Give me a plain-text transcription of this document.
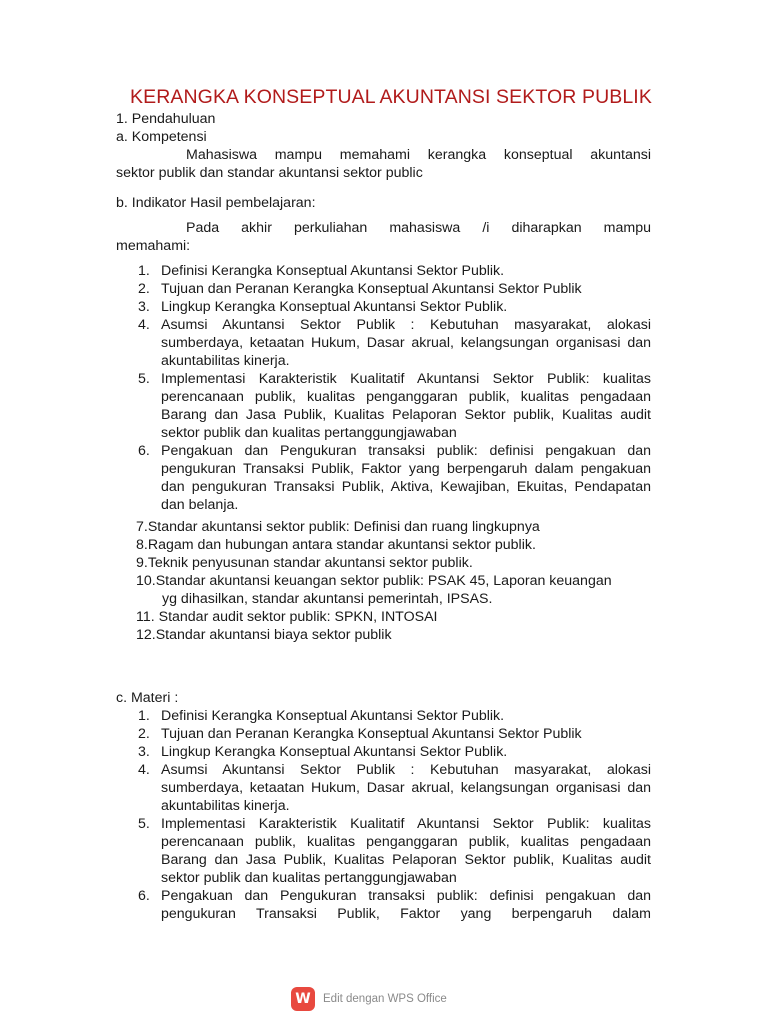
KERANGKA KONSEPTUAL AKUNTANSI SEKTOR PUBLIK
1. Pendahuluan
a. Kompetensi
Mahasiswa mampu memahami kerangka konseptual akuntansi
sektor publik dan standar akuntansi sektor public
b. Indikator Hasil pembelajaran:
Pada akhir perkuliahan mahasiswa /i diharapkan mampu
memahami:
1. Definisi Kerangka Konseptual Akuntansi Sektor Publik.
2. Tujuan dan Peranan Kerangka Konseptual Akuntansi Sektor Publik
3. Lingkup Kerangka Konseptual Akuntansi Sektor Publik.
4. Asumsi Akuntansi Sektor Publik : Kebutuhan masyarakat, alokasi sumberdaya, ketaatan Hukum, Dasar akrual, kelangsungan organisasi dan akuntabilitas kinerja.
5. Implementasi Karakteristik Kualitatif Akuntansi Sektor Publik: kualitas perencanaan publik, kualitas penganggaran publik, kualitas pengadaan Barang dan Jasa Publik, Kualitas Pelaporan Sektor publik, Kualitas audit sektor publik dan kualitas pertanggungjawaban
6. Pengakuan dan Pengukuran transaksi publik: definisi pengakuan dan pengukuran Transaksi Publik, Faktor yang berpengaruh dalam pengakuan dan pengukuran Transaksi Publik, Aktiva, Kewajiban, Ekuitas, Pendapatan dan belanja.
7.Standar akuntansi sektor publik: Definisi dan ruang lingkupnya
8.Ragam dan hubungan antara standar akuntansi sektor publik.
9.Teknik penyusunan standar akuntansi sektor publik.
10.Standar akuntansi keuangan sektor publik: PSAK 45, Laporan keuangan
yg dihasilkan, standar akuntansi pemerintah, IPSAS.
11. Standar audit sektor publik: SPKN, INTOSAI
12.Standar akuntansi biaya sektor publik
c. Materi :
1. Definisi Kerangka Konseptual Akuntansi Sektor Publik.
2. Tujuan dan Peranan Kerangka Konseptual Akuntansi Sektor Publik
3. Lingkup Kerangka Konseptual Akuntansi Sektor Publik.
4. Asumsi Akuntansi Sektor Publik : Kebutuhan masyarakat, alokasi sumberdaya, ketaatan Hukum, Dasar akrual, kelangsungan organisasi dan akuntabilitas kinerja.
5. Implementasi Karakteristik Kualitatif Akuntansi Sektor Publik: kualitas perencanaan publik, kualitas penganggaran publik, kualitas pengadaan Barang dan Jasa Publik, Kualitas Pelaporan Sektor publik, Kualitas audit sektor publik dan kualitas pertanggungjawaban
6. Pengakuan dan Pengukuran transaksi publik: definisi pengakuan dan pengukuran Transaksi Publik, Faktor yang berpengaruh dalam
W	Edit dengan WPS Office
